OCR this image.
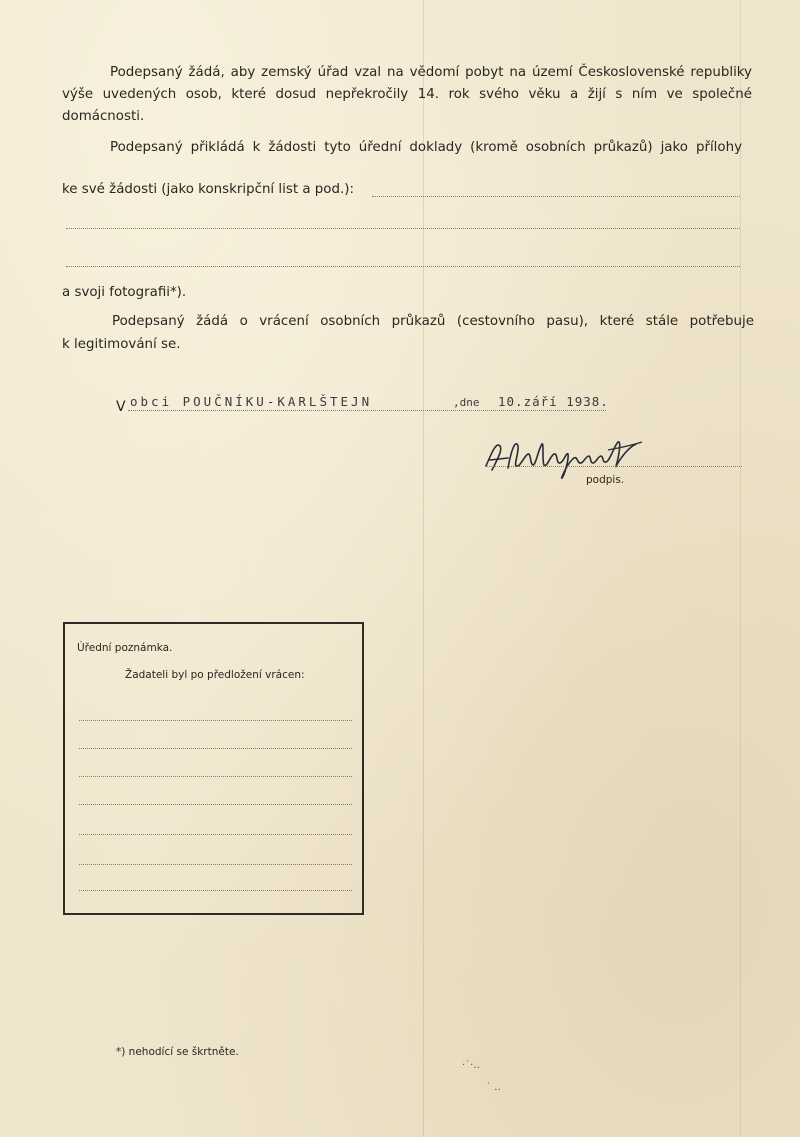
Podepsaný žádá, aby zemský úřad vzal na vědomí pobyt na území Československé republiky
výše uvedených osob, které dosud nepřekročily 14. rok svého věku a žijí s ním ve společné
domácnosti.
Podepsaný přikládá k žádosti tyto úřední doklady (kromě osobních průkazů) jako přílohy
ke své žádosti (jako konskripční list a pod.):
a svoji fotografii*).
Podepsaný žádá o vrácení osobních průkazů (cestovního pasu), které stále potřebuje
k legitimování se.
V obci POUČNÍKU-KARLŠTEJN	,dne 10.září 1938.
podpis.
Úřední poznámka.
Žadateli byl po předložení vrácen:
*) nehodící se škrtněte.
·˙·‥
˙ ‥
